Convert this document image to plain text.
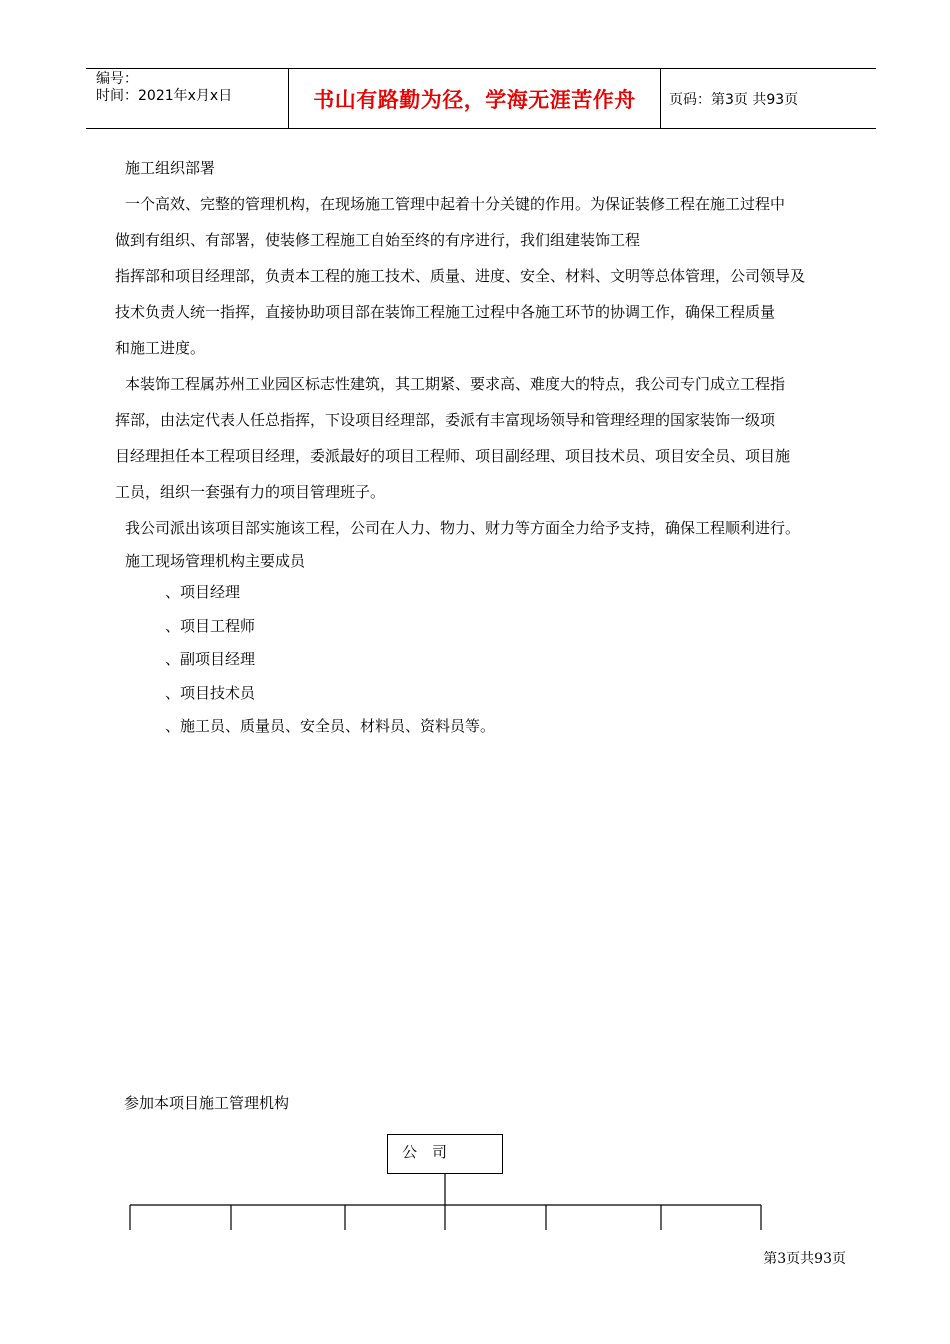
编号：
时间：2021年x月x日	书山有路勤为径，学海无涯苦作舟 页码：第3页 共93页

施工组织部署

一个高效、完整的管理机构，在现场施工管理中起着十分关键的作用。为保证装修工程在施工过程中

做到有组织、有部署，使装修工程施工自始至终的有序进行，我们组建装饰工程

指挥部和项目经理部，负责本工程的施工技术、质量、进度、安全、材料、文明等总体管理，公司领导及

技术负责人统一指挥，直接协助项目部在装饰工程施工过程中各施工环节的协调工作，确保工程质量

和施工进度。

本装饰工程属苏州工业园区标志性建筑，其工期紧、要求高、难度大的特点，我公司专门成立工程指

挥部，由法定代表人任总指挥，下设项目经理部，委派有丰富现场领导和管理经理的国家装饰一级项

目经理担任本工程项目经理，委派最好的项目工程师、项目副经理、项目技术员、项目安全员、项目施

工员，组织一套强有力的项目管理班子。

我公司派出该项目部实施该工程，公司在人力、物力、财力等方面全力给予支持，确保工程顺利进行。

施工现场管理机构主要成员

、项目经理
、项目工程师
、副项目经理
、项目技术员
、施工员、质量员、安全员、材料员、资料员等。
参加本项目施工管理机构
公　司
第3页共93页
